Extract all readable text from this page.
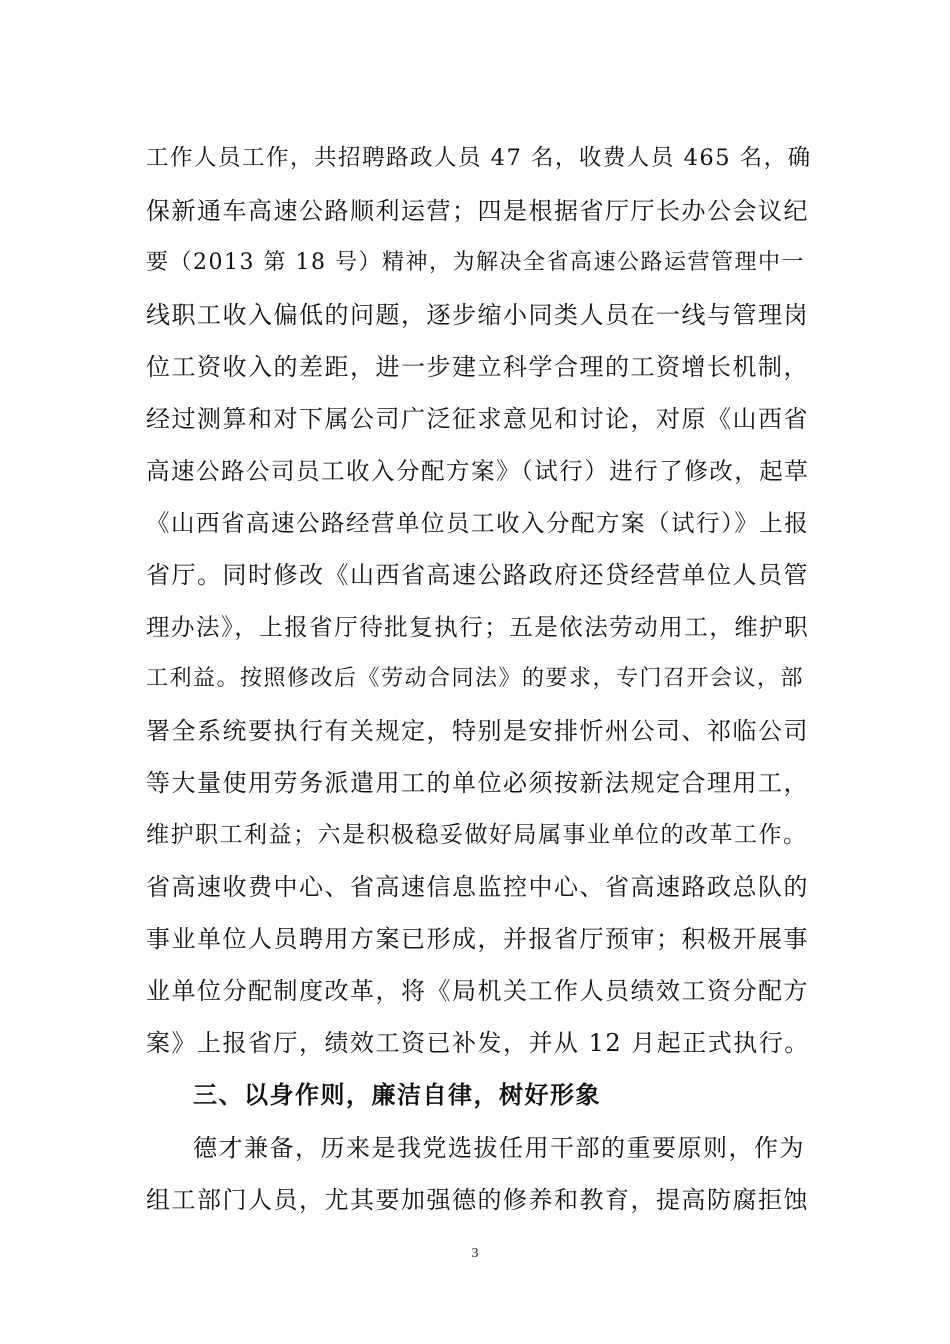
工作人员工作，共招聘路政人员 47 名，收费人员 465 名，确
保新通车高速公路顺利运营；四是根据省厅厅长办公会议纪
要（2013 第 18 号）精神，为解决全省高速公路运营管理中一
线职工收入偏低的问题，逐步缩小同类人员在一线与管理岗
位工资收入的差距，进一步建立科学合理的工资增长机制，
经过测算和对下属公司广泛征求意见和讨论，对原《山西省
高速公路公司员工收入分配方案》（试行）进行了修改，起草
《山西省高速公路经营单位员工收入分配方案（试行）》上报
省厅。同时修改《山西省高速公路政府还贷经营单位人员管
理办法》，上报省厅待批复执行；五是依法劳动用工，维护职
工利益。按照修改后《劳动合同法》的要求，专门召开会议，部
署全系统要执行有关规定，特别是安排忻州公司、祁临公司
等大量使用劳务派遣用工的单位必须按新法规定合理用工，
维护职工利益；六是积极稳妥做好局属事业单位的改革工作。
省高速收费中心、省高速信息监控中心、省高速路政总队的
事业单位人员聘用方案已形成，并报省厅预审；积极开展事
业单位分配制度改革，将《局机关工作人员绩效工资分配方
案》上报省厅，绩效工资已补发，并从 12 月起正式执行。
三、以身作则，廉洁自律，树好形象
德才兼备，历来是我党选拔任用干部的重要原则，作为
组工部门人员，尤其要加强德的修养和教育，提高防腐拒蚀
3
